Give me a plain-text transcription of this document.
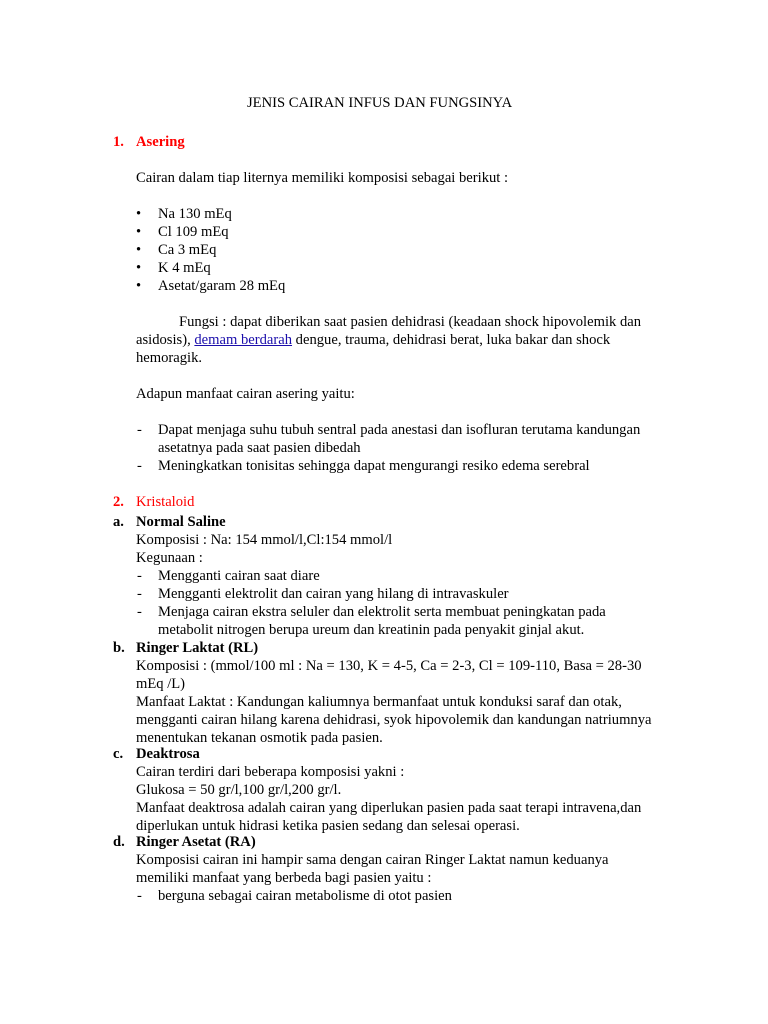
JENIS CAIRAN INFUS DAN FUNGSINYA
1. Asering
Cairan dalam tiap liternya memiliki komposisi sebagai berikut :
• Na 130 mEq
• Cl 109 mEq
• Ca 3 mEq
• K 4 mEq
• Asetat/garam 28 mEq
Fungsi : dapat diberikan saat pasien dehidrasi (keadaan shock hipovolemik dan
asidosis), demam berdarah dengue, trauma, dehidrasi berat, luka bakar dan shock
hemoragik.
Adapun manfaat cairan asering yaitu:
- Dapat menjaga suhu tubuh sentral pada anestasi dan isofluran terutama kandungan
asetatnya pada saat pasien dibedah
- Meningkatkan tonisitas sehingga dapat mengurangi resiko edema serebral
2. Kristaloid
a. Normal Saline
Komposisi : Na: 154 mmol/l,Cl:154 mmol/l
Kegunaan :
- Mengganti cairan saat diare
- Mengganti elektrolit dan cairan yang hilang di intravaskuler
- Menjaga cairan ekstra seluler dan elektrolit serta membuat peningkatan pada
metabolit nitrogen berupa ureum dan kreatinin pada penyakit ginjal akut.
b. Ringer Laktat (RL)
Komposisi : (mmol/100 ml : Na = 130, K = 4-5, Ca = 2-3, Cl = 109-110, Basa = 28-30
mEq /L)
Manfaat Laktat : Kandungan kaliumnya bermanfaat untuk konduksi saraf dan otak,
mengganti cairan hilang karena dehidrasi, syok hipovolemik dan kandungan natriumnya
menentukan tekanan osmotik pada pasien.
c. Deaktrosa
Cairan terdiri dari beberapa komposisi yakni :
Glukosa = 50 gr/l,100 gr/l,200 gr/l.
Manfaat deaktrosa adalah cairan yang diperlukan pasien pada saat terapi intravena,dan
diperlukan untuk hidrasi ketika pasien sedang dan selesai operasi.
d. Ringer Asetat (RA)
Komposisi cairan ini hampir sama dengan cairan Ringer Laktat namun keduanya
memiliki manfaat yang berbeda bagi pasien yaitu :
- berguna sebagai cairan metabolisme di otot pasien
